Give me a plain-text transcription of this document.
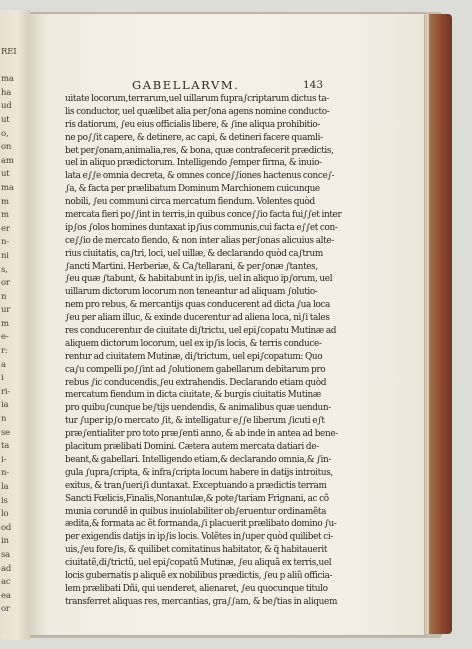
REI
ma
ha
ud
ut
o,
on
am
ut
ma
m
m
er
n-
ni
s,
or
n
ur
m
e-
r:
a
i
ri-
ia
n
se
ta
i-
n-
la
is
lo
od
in
sa
ad
ac
ea
or
GABELLARVM.	143
uitate locorum,terrarum,uel uillarum fupra∫criptarum dictus ta-
lis conductor, uel quælibet alia per∫ona agens nomine conducto-
ris datiorum, ∫eu eius officialis libere, & ∫ine aliqua prohibitio-
ne po∫∫it capere, & detinere, ac capi, & detineri facere quamli-
bet per∫onam,animalia,res, & bona, quæ contrafecerit prædictis,
uel in aliquo prædictorum. Intelligendo ∫emper firma, & inuio-
lata e∫∫e omnia decreta, & omnes conce∫∫iones hactenus conce∫-
∫a, & facta per prælibatum Dominum Marchionem cuicunque
nobili, ∫eu communi circa mercatum fiendum. Volentes quòd
mercata fieri po∫∫int in terris,in quibus conce∫∫io facta fui∫∫et inter
ip∫os ∫olos homines duntaxat ip∫ius communis,cui facta e∫∫et con-
ce∫∫io de mercato fiendo, & non inter alias per∫onas alicuius alte-
rius ciuitatis, ca∫tri, loci, uel uillæ, & declarando quòd ca∫trum
∫ancti Martini. Herberiæ, & Ca∫tellarani, & per∫onæ ∫tantes,
∫eu quæ ∫tabunt, & habitabunt in ip∫is, uel in aliquo ip∫orum, uel
uillarum dictorum locorum non teneantur ad aliquam ∫olutio-
nem pro rebus, & mercantijs quas conducerent ad dicta ∫ua loca
∫eu per aliam illuc, & exinde ducerentur ad aliena loca, ni∫i tales
res conducerentur de ciuitate di∫trictu, uel epi∫copatu Mutinæ ad
aliquem dictorum locorum, uel ex ip∫is locis, & terris conduce-
rentur ad ciuitatem Mutinæ, di∫trictum, uel epi∫copatum: Quo
ca∫u compelli po∫∫int ad ∫olutionem gabellarum debitarum pro
rebus ∫ic conducendis,∫eu extrahendis. Declarando etiam quòd
mercatum fiendum in dicta ciuitate, & burgis ciuitatis Mutinæ
pro quibu∫cunque be∫tijs uendendis, & animalibus quæ uendun-
tur ∫uper ip∫o mercato ∫it, & intelligatur e∫∫e liberum ∫icuti e∫t
præ∫entialiter pro toto præ∫enti anno, & ab inde in antea ad bene-
placitum prælibati Domini. Cætera autem mercata datiari de-
beant,& gabellari. Intelligendo etiam,& declarando omnia,& ∫in-
gula ∫upra∫cripta, & infra∫cripta locum habere in datijs introitus,
exitus, & tran∫ueri∫i duntaxat. Exceptuando a prædictis terram
Sancti Fœlicis,Finalis,Nonantulæ,& pote∫tariam Frignani, ac cõ
munia corundẽ in quibus inuiolabiliter ob∫eruentur ordinamẽta
ædita,& formata ac ẽt formanda,∫i placuerit prælibato domino ∫u-
per exigendis datijs in ip∫is locis. Volẽtes in∫uper quòd quilibet ci-
uis,∫eu fore∫is, & quilibet comitatinus habitator, & q̃ habitauerit
ciuitatẽ,di∫trictũ, uel epi∫copatũ Mutinæ, ∫eu aliquã ex terris,uel
locis gubernatis p aliquẽ ex nobilibus prædictis, ∫eu p aliũ officia-
lem prælibati Dñi, qui uenderet, alienaret, ∫eu quocunque titulo
transferret aliquas res, mercantias, gra∫∫am, & be∫tias in aliquem
